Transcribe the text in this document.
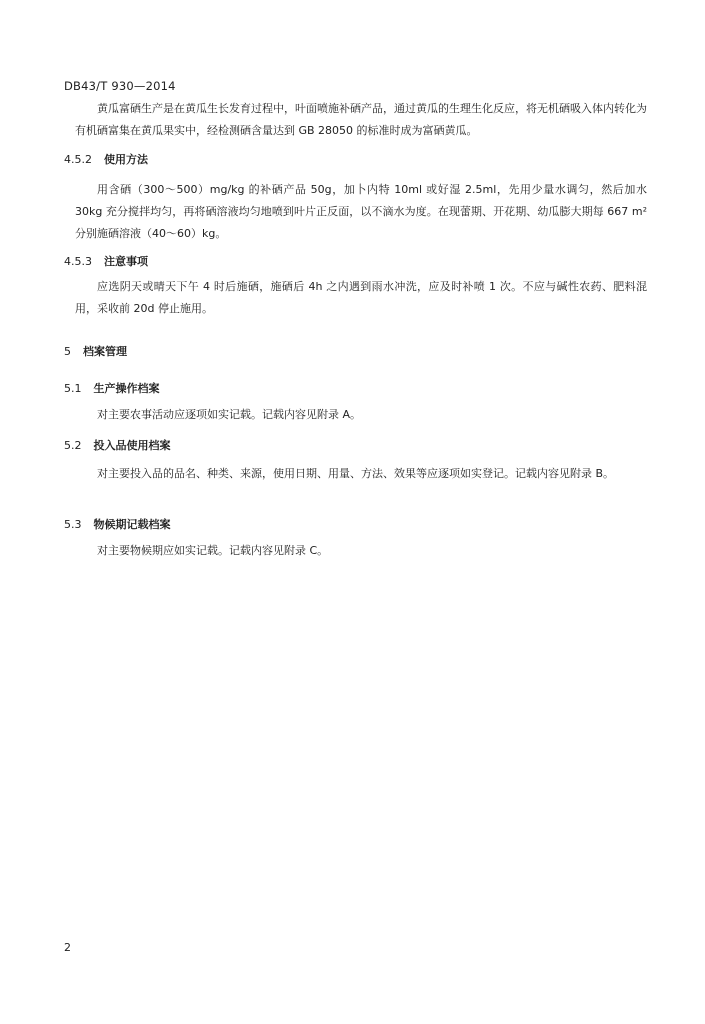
DB43/T 930—2014

黄瓜富硒生产是在黄瓜生长发育过程中，叶面喷施补硒产品，通过黄瓜的生理生化反应，将无机硒吸入体内转化为有机硒富集在黄瓜果实中，经检测硒含量达到 GB 28050 的标准时成为富硒黄瓜。

4.5.2 使用方法

用含硒（300～500）mg/kg 的补硒产品 50g，加卜内特 10ml 或好湿 2.5ml，先用少量水调匀，然后加水 30kg 充分搅拌均匀，再将硒溶液均匀地喷到叶片正反面，以不滴水为度。在现蕾期、开花期、幼瓜膨大期每 667 m²分别施硒溶液（40～60）kg。

4.5.3 注意事项

应选阴天或晴天下午 4 时后施硒，施硒后 4h 之内遇到雨水冲洗，应及时补喷 1 次。不应与碱性农药、肥料混用，采收前 20d 停止施用。

5 档案管理
5.1 生产操作档案

对主要农事活动应逐项如实记载。记载内容见附录 A。

5.2 投入品使用档案

对主要投入品的品名、种类、来源，使用日期、用量、方法、效果等应逐项如实登记。记载内容见附录 B。

5.3 物候期记载档案

对主要物候期应如实记载。记载内容见附录 C。

2
